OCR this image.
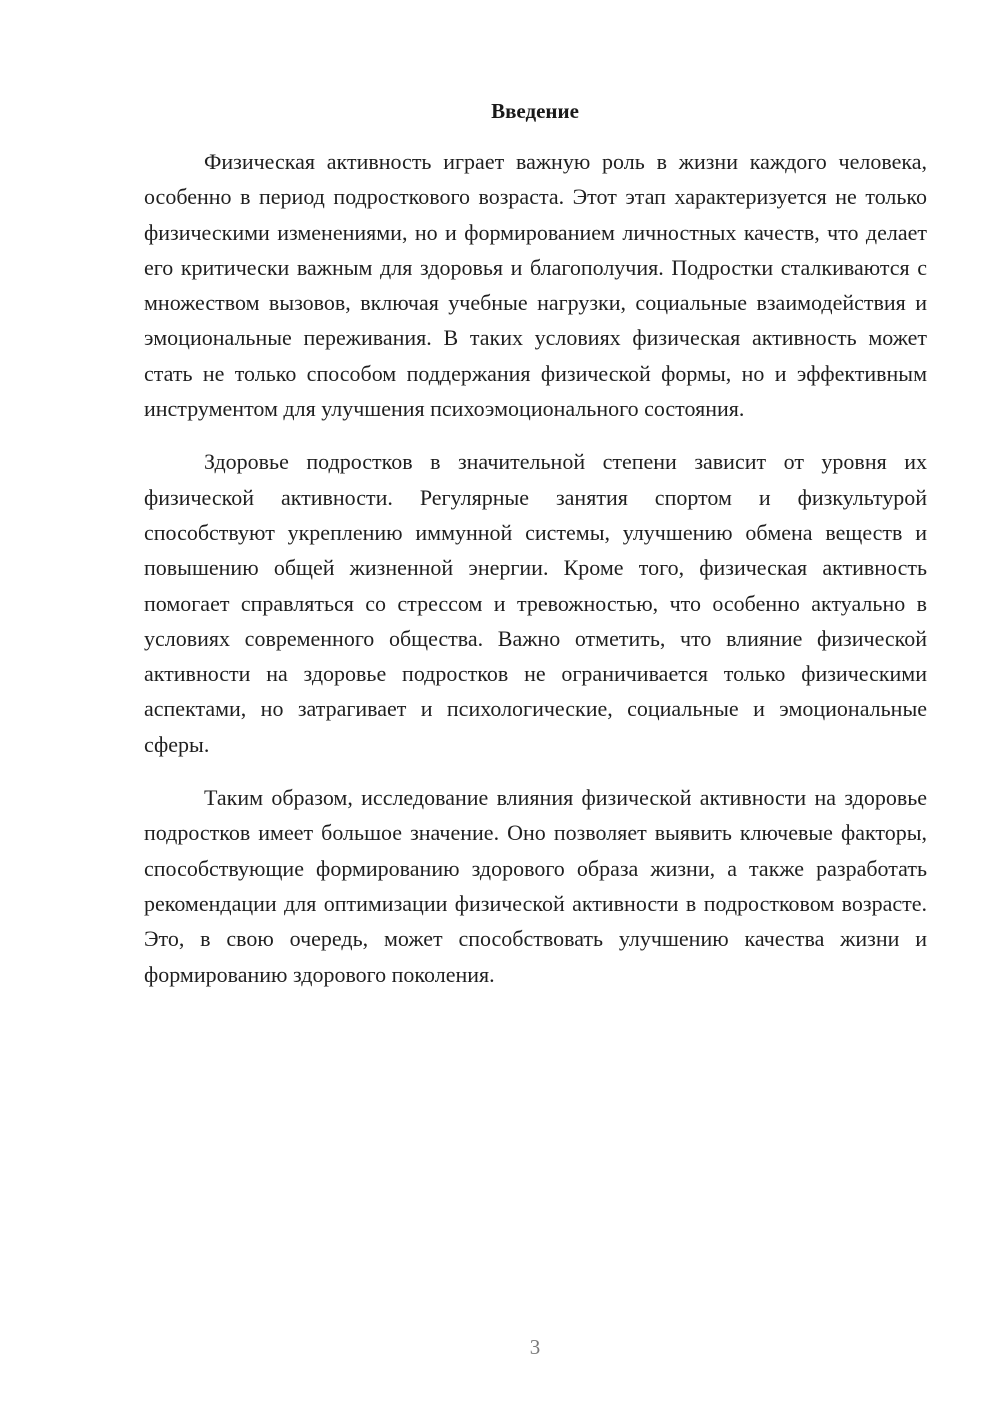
Введение

Физическая активность играет важную роль в жизни каждого человека, особенно в период подросткового возраста. Этот этап характеризуется не только физическими изменениями, но и формированием личностных качеств, что делает его критически важным для здоровья и благополучия. Подростки сталкиваются с множеством вызовов, включая учебные нагрузки, социальные взаимодействия и эмоциональные переживания. В таких условиях физическая активность может стать не только способом поддержания физической формы, но и эффективным инструментом для улучшения психоэмоционального состояния.

Здоровье подростков в значительной степени зависит от уровня их физической активности. Регулярные занятия спортом и физкультурой способствуют укреплению иммунной системы, улучшению обмена веществ и повышению общей жизненной энергии. Кроме того, физическая активность помогает справляться со стрессом и тревожностью, что особенно актуально в условиях современного общества. Важно отметить, что влияние физической активности на здоровье подростков не ограничивается только физическими аспектами, но затрагивает и психологические, социальные и эмоциональные сферы.

Таким образом, исследование влияния физической активности на здоровье подростков имеет большое значение. Оно позволяет выявить ключевые факторы, способствующие формированию здорового образа жизни, а также разработать рекомендации для оптимизации физической активности в подростковом возрасте. Это, в свою очередь, может способствовать улучшению качества жизни и формированию здорового поколения.

3
